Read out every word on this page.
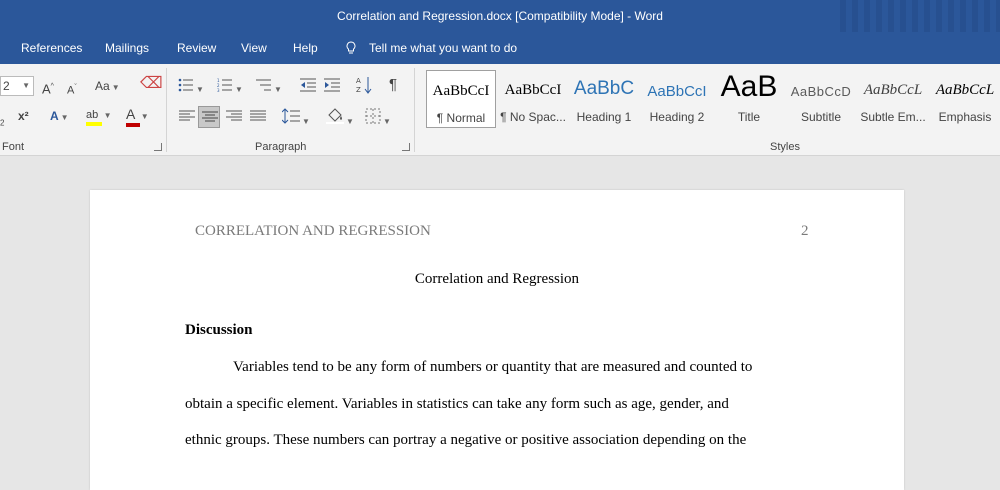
Correlation and Regression.docx [Compatibility Mode] - Word
References Mailings Review View Help	Tell me what you want to do
2 ▼ A^ $A^ˇ$ Aa ▼ ⌫
$_2$ x² A ▼ ab ▼ A ▼
Font
▼
1
2
3 ▼	▼
A
Z ¶
▼	▼	▼
Paragraph
AaBbCcI
¶ Normal
AaBbCcI
¶ No Spac...
AaBbC
Heading 1
AaBbCcI
Heading 2
AaB
Title
AaBbCcD
Subtitle
AaBbCcL
Subtle Em...
AaBbCcL
Emphasis
Styles
CORRELATION AND REGRESSION	2
Correlation and Regression
Discussion
Variables tend to be any form of numbers or quantity that are measured and counted to
obtain a specific element. Variables in statistics can take any form such as age, gender, and
ethnic groups. These numbers can portray a negative or positive association depending on the
